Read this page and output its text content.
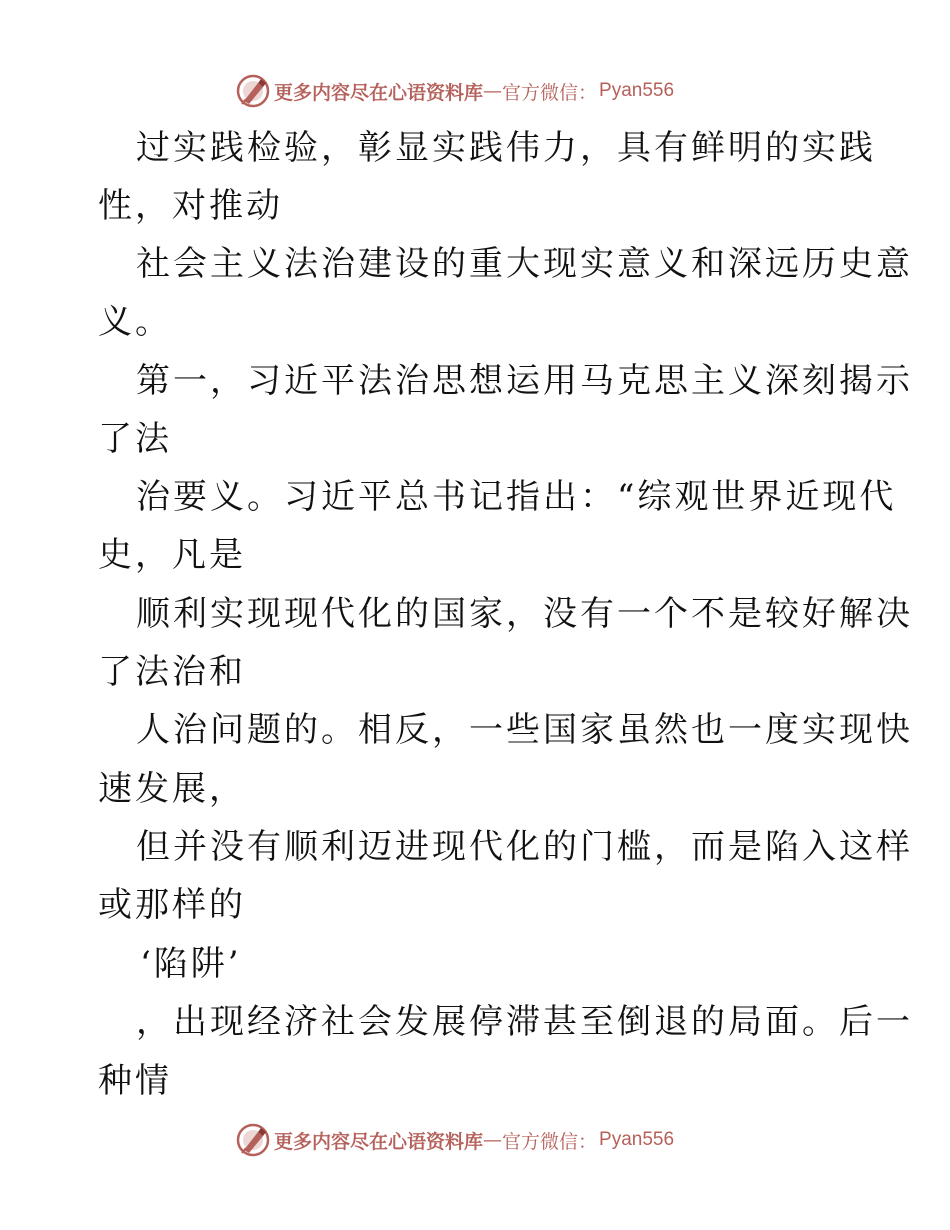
更多内容尽在心语资料库 — 官方微信： Pyan556
过实践检验，彰显实践伟力，具有鲜明的实践
性，对推动
社会主义法治建设的重大现实意义和深远历史意
义。
第一，习近平法治思想运用马克思主义深刻揭示
了法
治要义。习近平总书记指出：“综观世界近现代
史，凡是
顺利实现现代化的国家，没有一个不是较好解决
了法治和
人治问题的。相反，一些国家虽然也一度实现快
速发展，
但并没有顺利迈进现代化的门槛，而是陷入这样
或那样的
‘陷阱’
，出现经济社会发展停滞甚至倒退的局面。后一
种情
更多内容尽在心语资料库 — 官方微信： Pyan556
